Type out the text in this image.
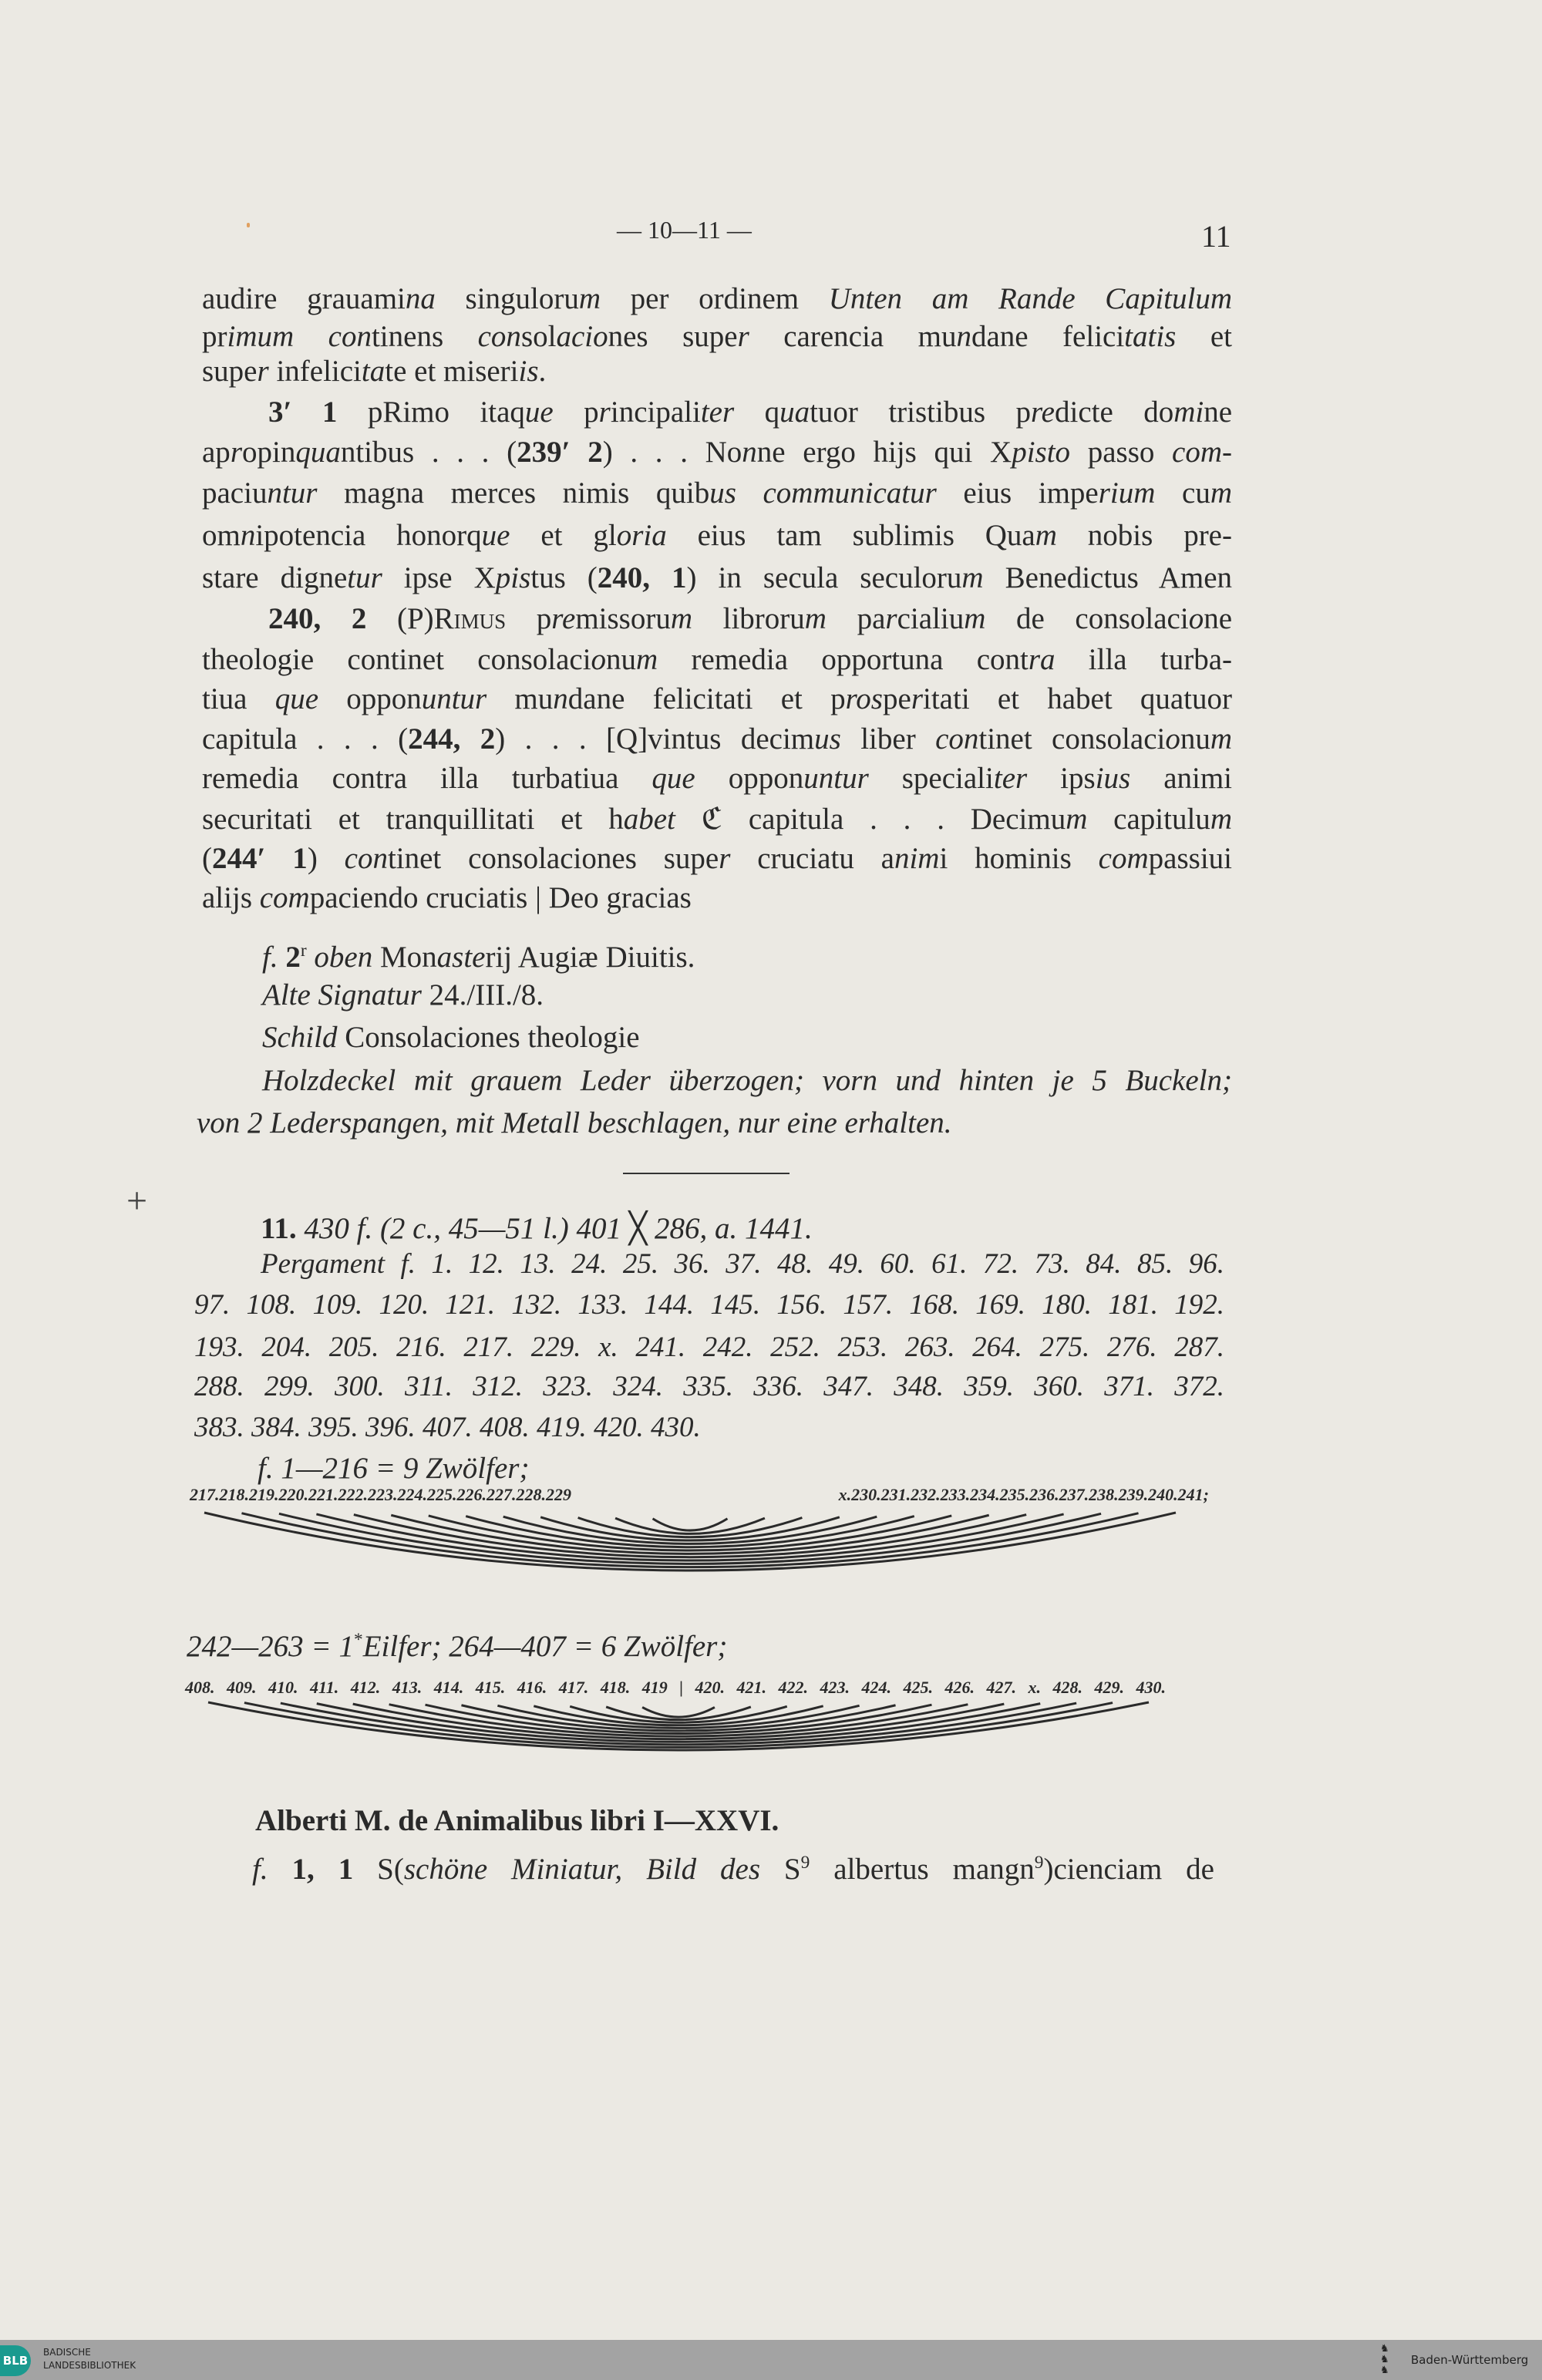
— 10—11 —	11
audire grauamina singulorum per ordinem Unten am Rande Capitulum
primum continens consolaciones super carencia mundane felicitatis et
super infelicitate et miseriis.
3′ 1 pRimo itaque principaliter quatuor tristibus predicte domine
apropinquantibus . . . (239′ 2) . . . Nonne ergo hijs qui Xpisto passo com-
paciuntur magna merces nimis quibus communicatur eius imperium cum
omnipotencia honorque et gloria eius tam sublimis Quam nobis pre-
stare dignetur ipse Xpistus (240, 1) in secula seculorum Benedictus Amen
240, 2 (P)Rimus premissorum librorum parcialium de consolacione
theologie continet consolacionum remedia opportuna contra illa turba-
tiua que opponuntur mundane felicitati et prosperitati et habet quatuor
capitula . . . (244, 2) . . . [Q]vintus decimus liber continet consolacionum
remedia contra illa turbatiua que opponuntur specialiter ipsius animi
securitati et tranquillitati et habet ℭ capitula . . . Decimum capitulum
(244′ 1) continet consolaciones super cruciatu animi hominis compassiui
alijs compaciendo cruciatis | Deo gracias
f. 2$^r$ oben Monasterij Augiæ Diuitis.
Alte Signatur 24./III./8.
Schild Consolaciones theologie
Holzdeckel mit grauem Leder überzogen; vorn und hinten je 5 Buckeln;
von 2 Lederspangen, mit Metall beschlagen, nur eine erhalten.
11. 430 f. (2 c., 45—51 l.) 401 ╳ 286, a. 1441.
Pergament f. 1. 12. 13. 24. 25. 36. 37. 48. 49. 60. 61. 72. 73. 84. 85. 96.
97. 108. 109. 120. 121. 132. 133. 144. 145. 156. 157. 168. 169. 180. 181. 192.
193. 204. 205. 216. 217. 229. x. 241. 242. 252. 253. 263. 264. 275. 276. 287.
288. 299. 300. 311. 312. 323. 324. 335. 336. 347. 348. 359. 360. 371. 372.
383. 384. 395. 396. 407. 408. 419. 420. 430.
f. 1—216 = 9 Zwölfer;
217.218.219.220.221.222.223.224.225.226.227.228.229 x.230.231.232.233.234.235.236.237.238.239.240.241;
242—263 = 1*Eilfer; 264—407 = 6 Zwölfer;
408. 409. 410. 411. 412. 413. 414. 415. 416. 417. 418. 419 | 420. 421. 422. 423. 424. 425. 426. 427. x. 428. 429. 430.
Alberti M. de Animalibus libri I—XXVI.
f. 1, 1 S(schöne Miniatur, Bild des $S^9$ albertus mangn$^9$)cienciam de
+
BLB
BADISCHE
LANDESBIBLIOTHEK
♞
♞
♞
Baden-Württemberg
